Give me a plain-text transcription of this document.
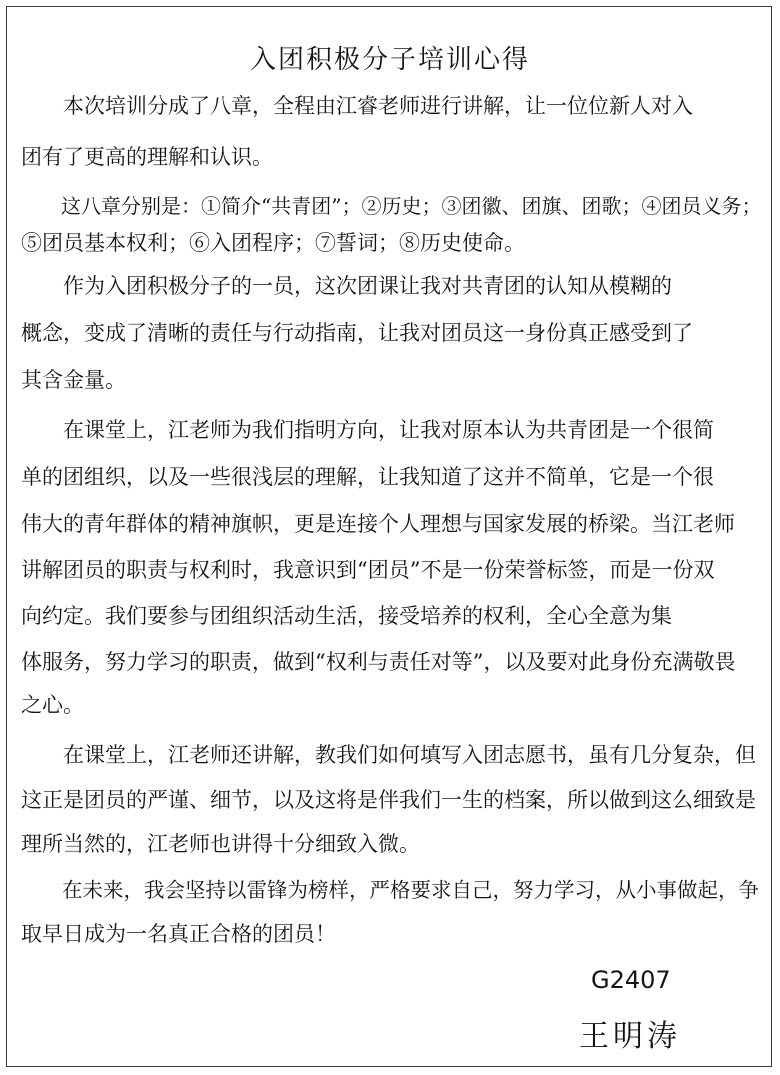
入团积极分子培训心得
　　本次培训分成了八章，全程由江睿老师进行讲解，让一位位新人对入
团有了更高的理解和认识。
　　这八章分别是：①简介“共青团”；②历史；③团徽、团旗、团歌；④团员义务；
⑤团员基本权利；⑥入团程序；⑦誓词；⑧历史使命。
　　作为入团积极分子的一员，这次团课让我对共青团的认知从模糊的
概念，变成了清晰的责任与行动指南，让我对团员这一身份真正感受到了
其含金量。
　　在课堂上，江老师为我们指明方向，让我对原本认为共青团是一个很简
单的团组织，以及一些很浅层的理解，让我知道了这并不简单，它是一个很
伟大的青年群体的精神旗帜，更是连接个人理想与国家发展的桥梁。当江老师
讲解团员的职责与权利时，我意识到“团员”不是一份荣誉标签，而是一份双
向约定。我们要参与团组织活动生活，接受培养的权利，全心全意为集
体服务，努力学习的职责，做到“权利与责任对等”，以及要对此身份充满敬畏
之心。
　　在课堂上，江老师还讲解，教我们如何填写入团志愿书，虽有几分复杂，但
这正是团员的严谨、细节，以及这将是伴我们一生的档案，所以做到这么细致是
理所当然的，江老师也讲得十分细致入微。
　　在未来，我会坚持以雷锋为榜样，严格要求自己，努力学习，从小事做起，争
取早日成为一名真正合格的团员！
G2407
王明涛
